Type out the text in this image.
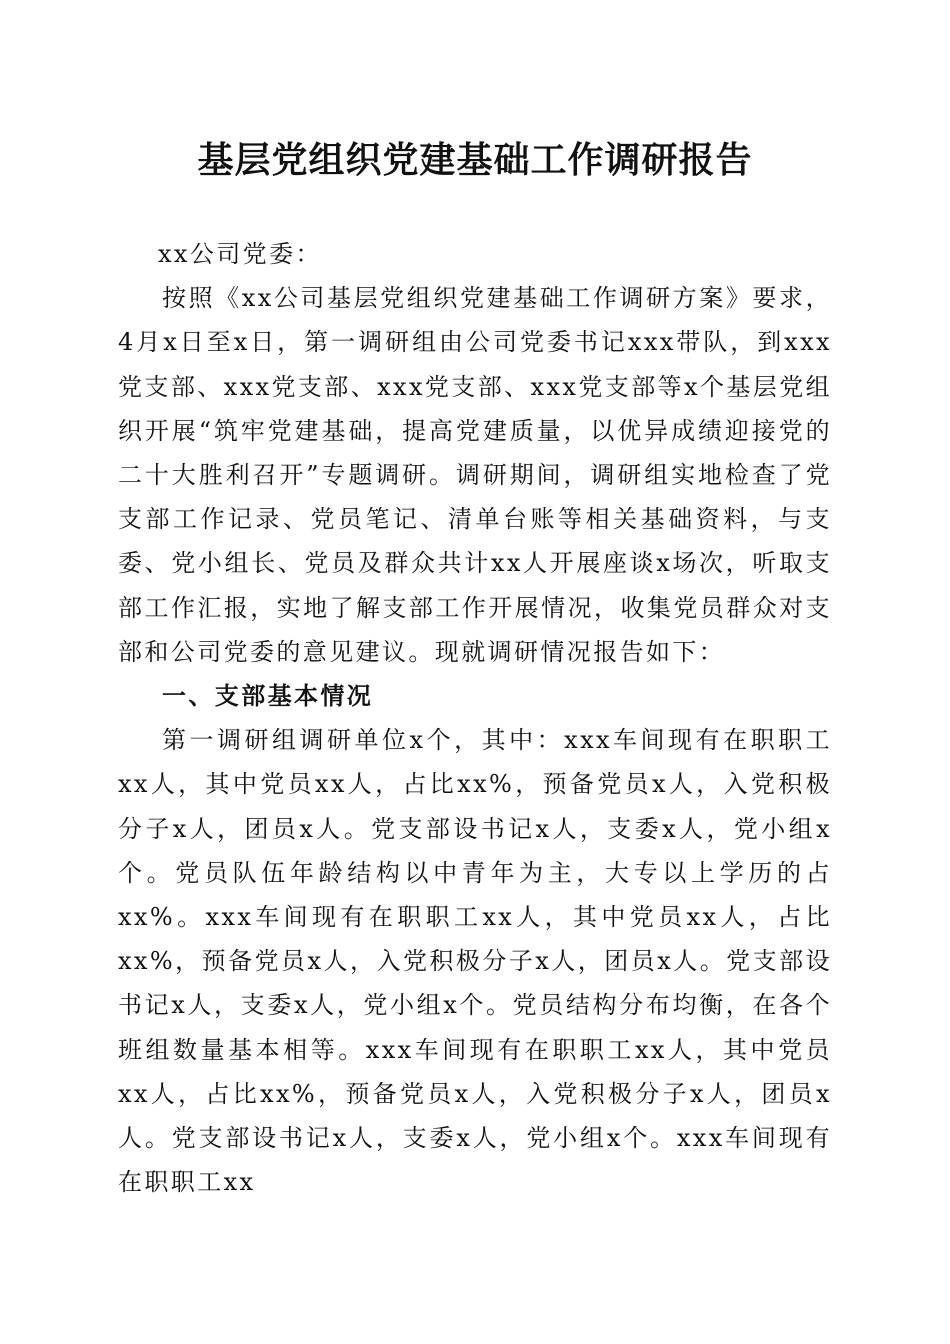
基层党组织党建基础工作调研报告

xx公司党委：

按照《xx公司基层党组织党建基础工作调研方案》要求，4月x日至x日，第一调研组由公司党委书记xxx带队，到xxx党支部、xxx党支部、xxx党支部、xxx党支部等x个基层党组织开展“筑牢党建基础，提高党建质量，以优异成绩迎接党的二十大胜利召开”专题调研。调研期间，调研组实地检查了党支部工作记录、党员笔记、清单台账等相关基础资料，与支委、党小组长、党员及群众共计xx人开展座谈x场次，听取支部工作汇报，实地了解支部工作开展情况，收集党员群众对支部和公司党委的意见建议。现就调研情况报告如下：

一、支部基本情况

第一调研组调研单位x个，其中：xxx车间现有在职职工xx人，其中党员xx人，占比xx%，预备党员x人，入党积极分子x人，团员x人。党支部设书记x人，支委x人，党小组x个。党员队伍年龄结构以中青年为主，大专以上学历的占xx%。xxx车间现有在职职工xx人，其中党员xx人，占比xx%，预备党员x人，入党积极分子x人，团员x人。党支部设书记x人，支委x人，党小组x个。党员结构分布均衡，在各个班组数量基本相等。xxx车间现有在职职工xx人，其中党员xx人，占比xx%，预备党员x人，入党积极分子x人，团员x人。党支部设书记x人，支委x人，党小组x个。xxx车间现有在职职工xx
